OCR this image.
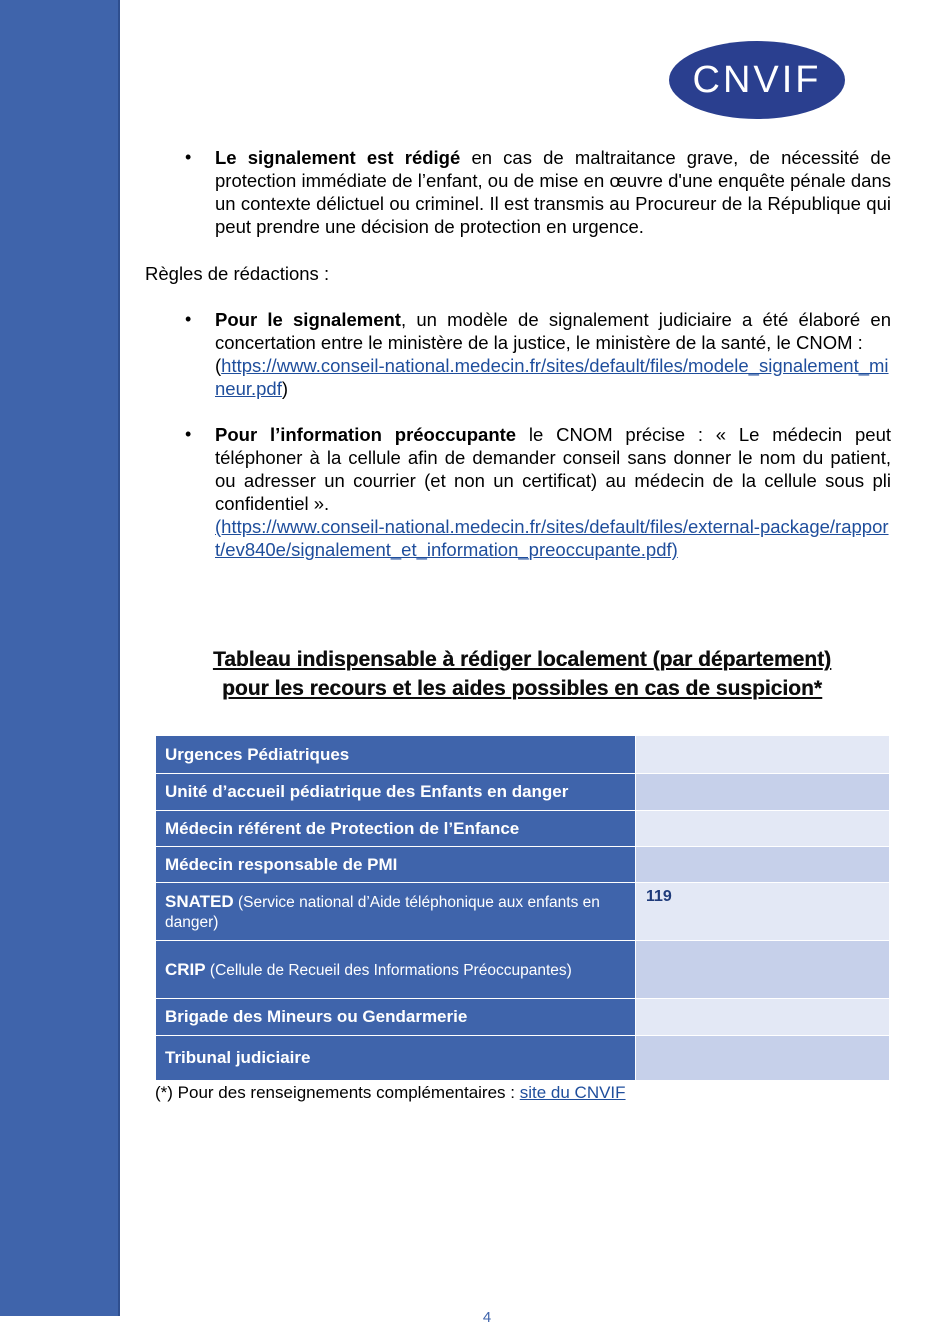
CNVIF
• Le signalement est rédigé en cas de maltraitance grave, de nécessité de protection immédiate de l’enfant, ou de mise en œuvre d'une enquête pénale dans un contexte délictuel ou criminel. Il est transmis au Procureur de la République qui peut prendre une décision de protection en urgence.
Règles de rédactions :
• Pour le signalement, un modèle de signalement judiciaire a été élaboré en concertation entre le ministère de la justice, le ministère de la santé, le CNOM :
(https://www.conseil-national.medecin.fr/sites/default/files/modele_signalement_mineur.pdf)
• Pour l’information préoccupante le CNOM précise : « Le médecin peut téléphoner à la cellule afin de demander conseil sans donner le nom du patient, ou adresser un courrier (et non un certificat) au médecin de la cellule sous pli confidentiel ».
(https://www.conseil-national.medecin.fr/sites/default/files/external-package/rapport/ev840e/signalement_et_information_preoccupante.pdf)
Tableau indispensable à rédiger localement (par département)
pour les recours et les aides possibles en cas de suspicion*
Urgences Pédiatriques	
Unité d’accueil pédiatrique des Enfants en danger	
Médecin référent de Protection de l’Enfance	
Médecin responsable de PMI	
SNATED (Service national d’Aide téléphonique aux enfants en danger)	119
CRIP (Cellule de Recueil des Informations Préoccupantes)	
Brigade des Mineurs ou Gendarmerie	
Tribunal judiciaire	
(*) Pour des renseignements complémentaires : site du CNVIF
4
